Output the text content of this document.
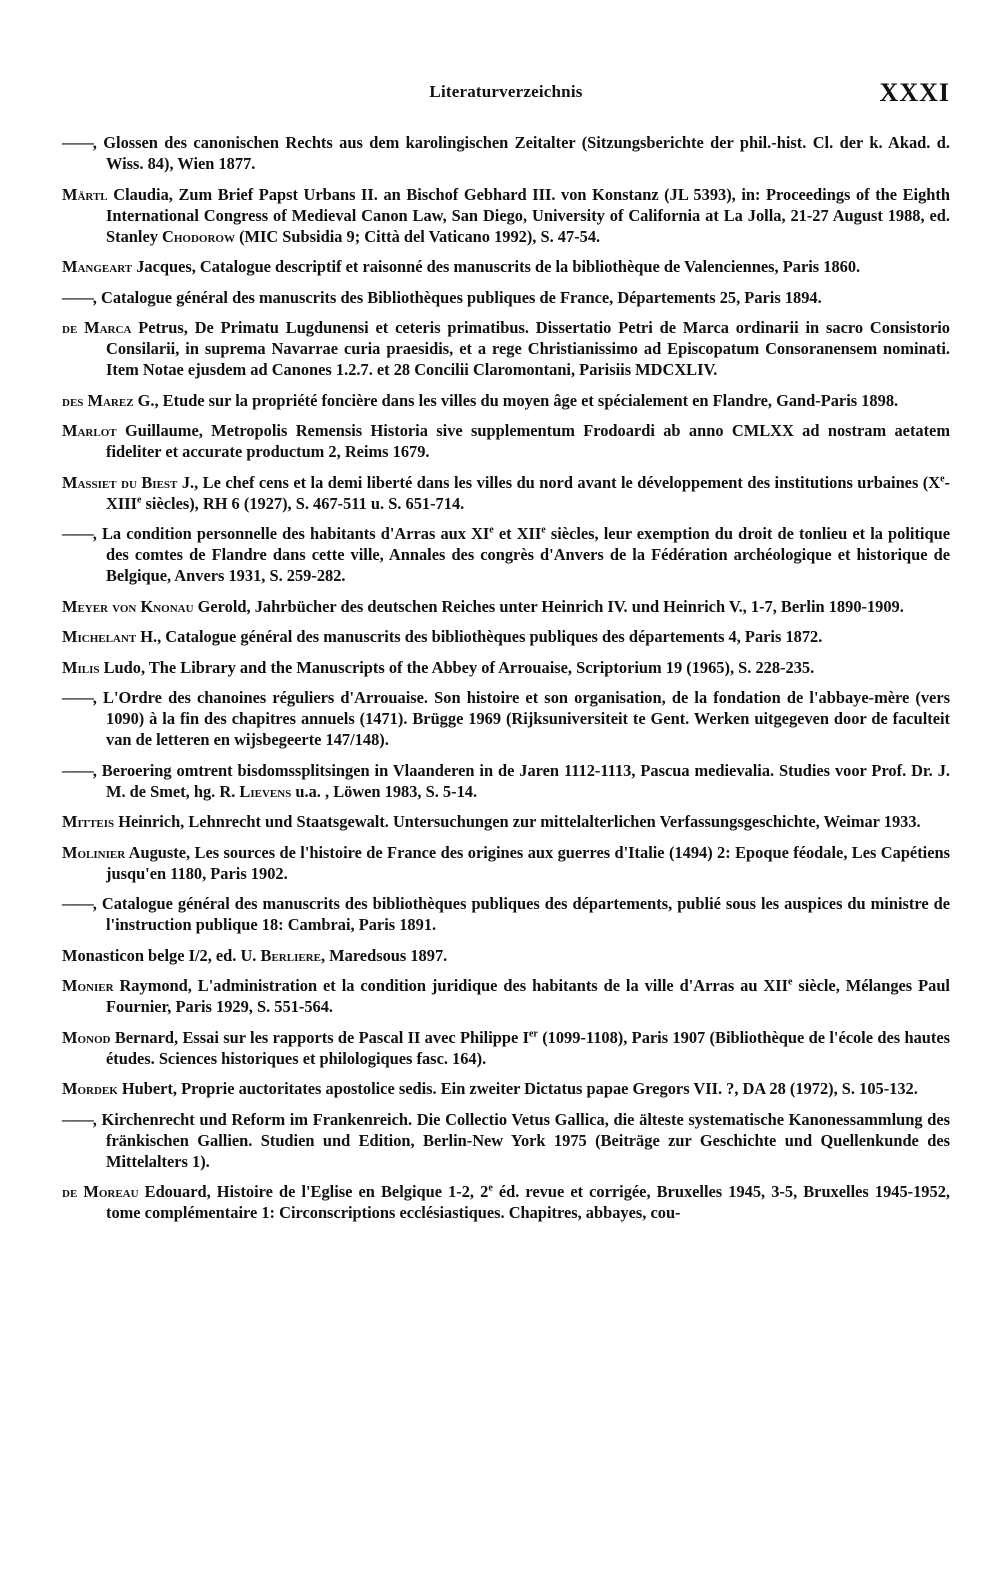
Literaturverzeichnis	XXXI

——, Glossen des canonischen Rechts aus dem karolingischen Zeitalter (Sitzungsberichte der phil.-hist. Cl. der k. Akad. d. Wiss. 84), Wien 1877.

Märtl Claudia, Zum Brief Papst Urbans II. an Bischof Gebhard III. von Konstanz (JL 5393), in: Proceedings of the Eighth International Congress of Medieval Canon Law, San Diego, University of California at La Jolla, 21-27 August 1988, ed. Stanley Chodorow (MIC Subsidia 9; Città del Vaticano 1992), S. 47-54.

Mangeart Jacques, Catalogue descriptif et raisonné des manuscrits de la bibliothèque de Valenciennes, Paris 1860.

——, Catalogue général des manuscrits des Bibliothèques publiques de France, Départements 25, Paris 1894.

de Marca Petrus, De Primatu Lugdunensi et ceteris primatibus. Dissertatio Petri de Marca ordinarii in sacro Consistorio Consilarii, in suprema Navarrae curia praesidis, et a rege Christianissimo ad Episcopatum Consoranensem nominati. Item Notae ejusdem ad Canones 1.2.7. et 28 Concilii Claromontani, Parisiis MDCXLIV.

des Marez G., Etude sur la propriété foncière dans les villes du moyen âge et spécialement en Flandre, Gand-Paris 1898.

Marlot Guillaume, Metropolis Remensis Historia sive supplementum Frodoardi ab anno CMLXX ad nostram aetatem fideliter et accurate productum 2, Reims 1679.

Massiet du Biest J., Le chef cens et la demi liberté dans les villes du nord avant le développement des institutions urbaines (Xe-XIIIe siècles), RH 6 (1927), S. 467-511 u. S. 651-714.

——, La condition personnelle des habitants d'Arras aux XIe et XIIe siècles, leur exemption du droit de tonlieu et la politique des comtes de Flandre dans cette ville, Annales des congrès d'Anvers de la Fédération archéologique et historique de Belgique, Anvers 1931, S. 259-282.

Meyer von Knonau Gerold, Jahrbücher des deutschen Reiches unter Heinrich IV. und Heinrich V., 1-7, Berlin 1890-1909.

Michelant H., Catalogue général des manuscrits des bibliothèques publiques des départements 4, Paris 1872.

Milis Ludo, The Library and the Manuscripts of the Abbey of Arrouaise, Scriptorium 19 (1965), S. 228-235.

——, L'Ordre des chanoines réguliers d'Arrouaise. Son histoire et son organisation, de la fondation de l'abbaye-mère (vers 1090) à la fin des chapitres annuels (1471). Brügge 1969 (Rijksuniversiteit te Gent. Werken uitgegeven door de faculteit van de letteren en wijsbegeerte 147/148).

——, Beroering omtrent bisdomssplitsingen in Vlaanderen in de Jaren 1112-1113, Pascua medievalia. Studies voor Prof. Dr. J. M. de Smet, hg. R. Lievens u.a. , Löwen 1983, S. 5-14.

Mitteis Heinrich, Lehnrecht und Staatsgewalt. Untersuchungen zur mittelalterlichen Verfassungsgeschichte, Weimar 1933.

Molinier Auguste, Les sources de l'histoire de France des origines aux guerres d'Italie (1494) 2: Epoque féodale, Les Capétiens jusqu'en 1180, Paris 1902.

——, Catalogue général des manuscrits des bibliothèques publiques des départements, publié sous les auspices du ministre de l'instruction publique 18: Cambrai, Paris 1891.

Monasticon belge I/2, ed. U. Berliere, Maredsous 1897.

Monier Raymond, L'administration et la condition juridique des habitants de la ville d'Arras au XIIe siècle, Mélanges Paul Fournier, Paris 1929, S. 551-564.

Monod Bernard, Essai sur les rapports de Pascal II avec Philippe Ier (1099-1108), Paris 1907 (Bibliothèque de l'école des hautes études. Sciences historiques et philologiques fasc. 164).

Mordek Hubert, Proprie auctoritates apostolice sedis. Ein zweiter Dictatus papae Gregors VII. ?, DA 28 (1972), S. 105-132.

——, Kirchenrecht und Reform im Frankenreich. Die Collectio Vetus Gallica, die älteste systematische Kanonessammlung des fränkischen Gallien. Studien und Edition, Berlin-New York 1975 (Beiträge zur Geschichte und Quellenkunde des Mittelalters 1).

de Moreau Edouard, Histoire de l'Eglise en Belgique 1-2, 2e éd. revue et corrigée, Bruxelles 1945, 3-5, Bruxelles 1945-1952, tome complémentaire 1: Circonscriptions ecclésiastiques. Chapitres, abbayes, cou-
